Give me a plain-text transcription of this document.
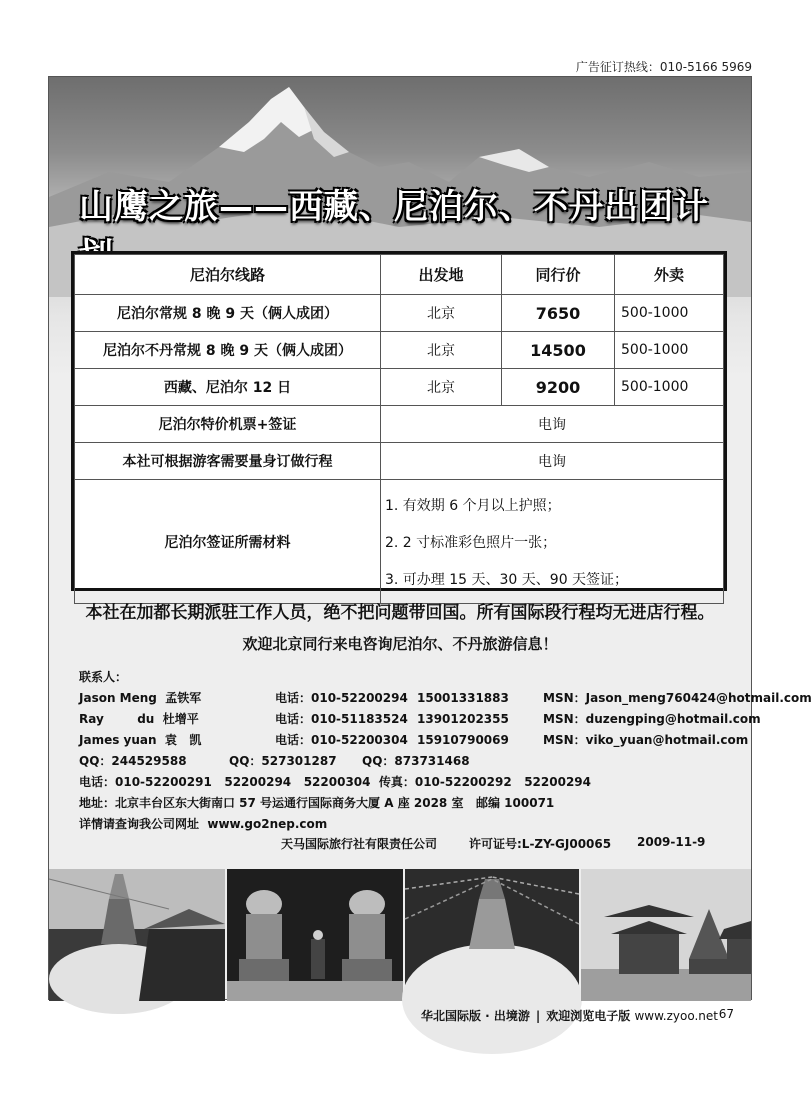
广告征订热线：010-5166 5969
山鹰之旅——西藏、尼泊尔、不丹出团计
尼泊尔线路	出发地	同行价	外卖
尼泊尔常规 8 晚 9 天（俩人成团）	北京	7650	500-1000
尼泊尔不丹常规 8 晚 9 天（俩人成团）	北京	14500	500-1000
西藏、尼泊尔 12 日	北京	9200	500-1000
尼泊尔特价机票+签证	电询		
本社可根据游客需要量身订做行程	电询		
尼泊尔签证所需材料	1. 有效期 6 个月以上护照；
2. 2 寸标准彩色照片一张；
3. 可办理 15 天、30 天、90 天签证；		
本社在加都长期派驻工作人员，绝不把问题带回国。所有国际段行程均无进店行程。
欢迎北京同行来电咨询尼泊尔、不丹旅游信息！
联系人：
Jason Meng  孟铁军	电话：010-52200294 15001331883	MSN：Jason_meng760424@hotmail.com
Ray        du  杜增平	电话：010-51183524 13901202355	MSN：duzengping@hotmail.com
James yuan  袁   凯	电话：010-52200304 15910790069	MSN：viko_yuan@hotmail.com
QQ：244529588	QQ：527301287 QQ：873731468
电话：010-52200291   52200294   52200304  传真：010-52200292   52200294
地址：北京丰台区东大街南口 57 号运通行国际商务大厦 A 座 2028 室   邮编 100071
详情请查询我公司网址  www.go2nep.com
天马国际旅行社有限责任公司	许可证号:L-ZY-GJ00065 2009-11-9
华北国际版 · 出境游 | 欢迎浏览电子版 www.zyoo.net 67
